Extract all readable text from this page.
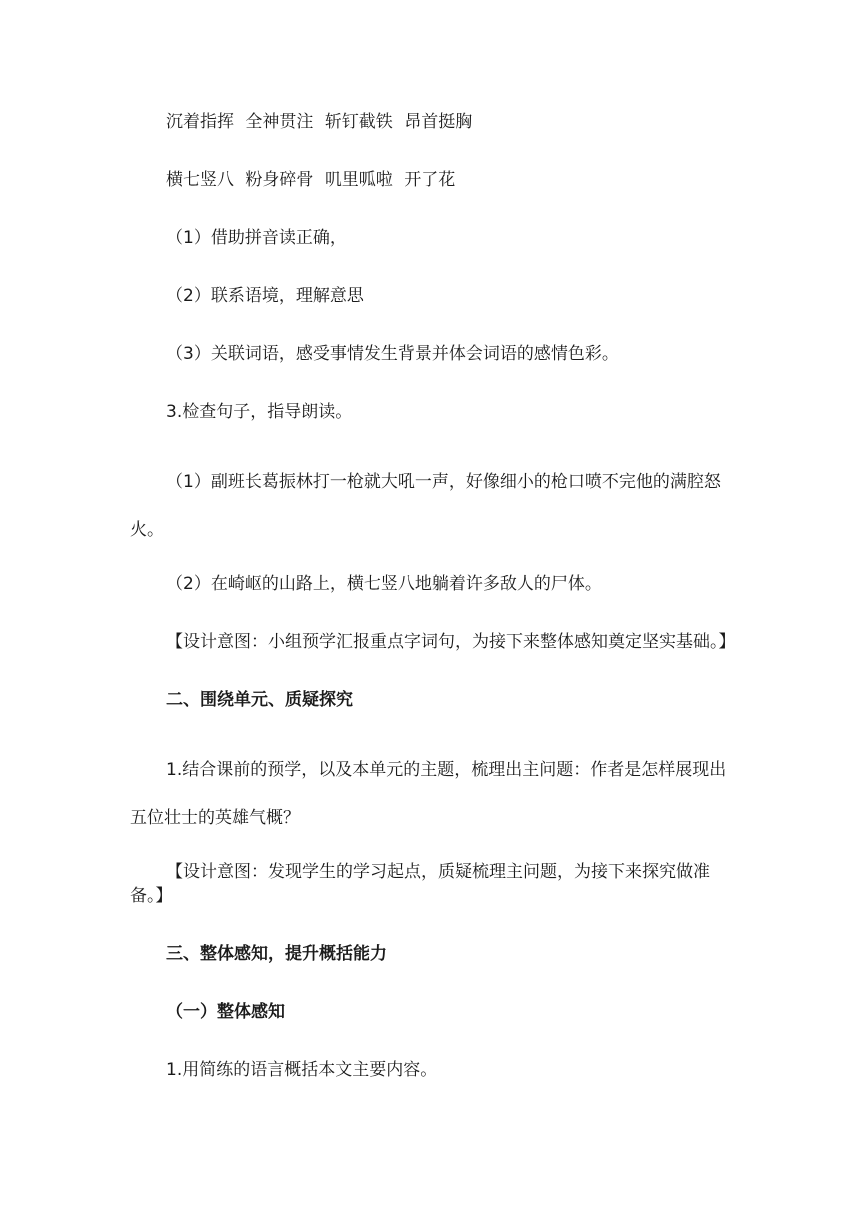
沉着指挥 全神贯注 斩钉截铁 昂首挺胸

横七竖八 粉身碎骨 叽里呱啦 开了花

（1）借助拼音读正确，

（2）联系语境，理解意思

（3）关联词语，感受事情发生背景并体会词语的感情色彩。

3.检查句子，指导朗读。

（1）副班长葛振林打一枪就大吼一声，好像细小的枪口喷不完他的满腔怒火。

（2）在崎岖的山路上，横七竖八地躺着许多敌人的尸体。

【设计意图：小组预学汇报重点字词句，为接下来整体感知奠定坚实基础。】

二、围绕单元、质疑探究

1.结合课前的预学，以及本单元的主题，梳理出主问题：作者是怎样展现出五位壮士的英雄气概？

【设计意图：发现学生的学习起点，质疑梳理主问题，为接下来探究做准备。】

三、整体感知，提升概括能力

（一）整体感知

1.用简练的语言概括本文主要内容。
